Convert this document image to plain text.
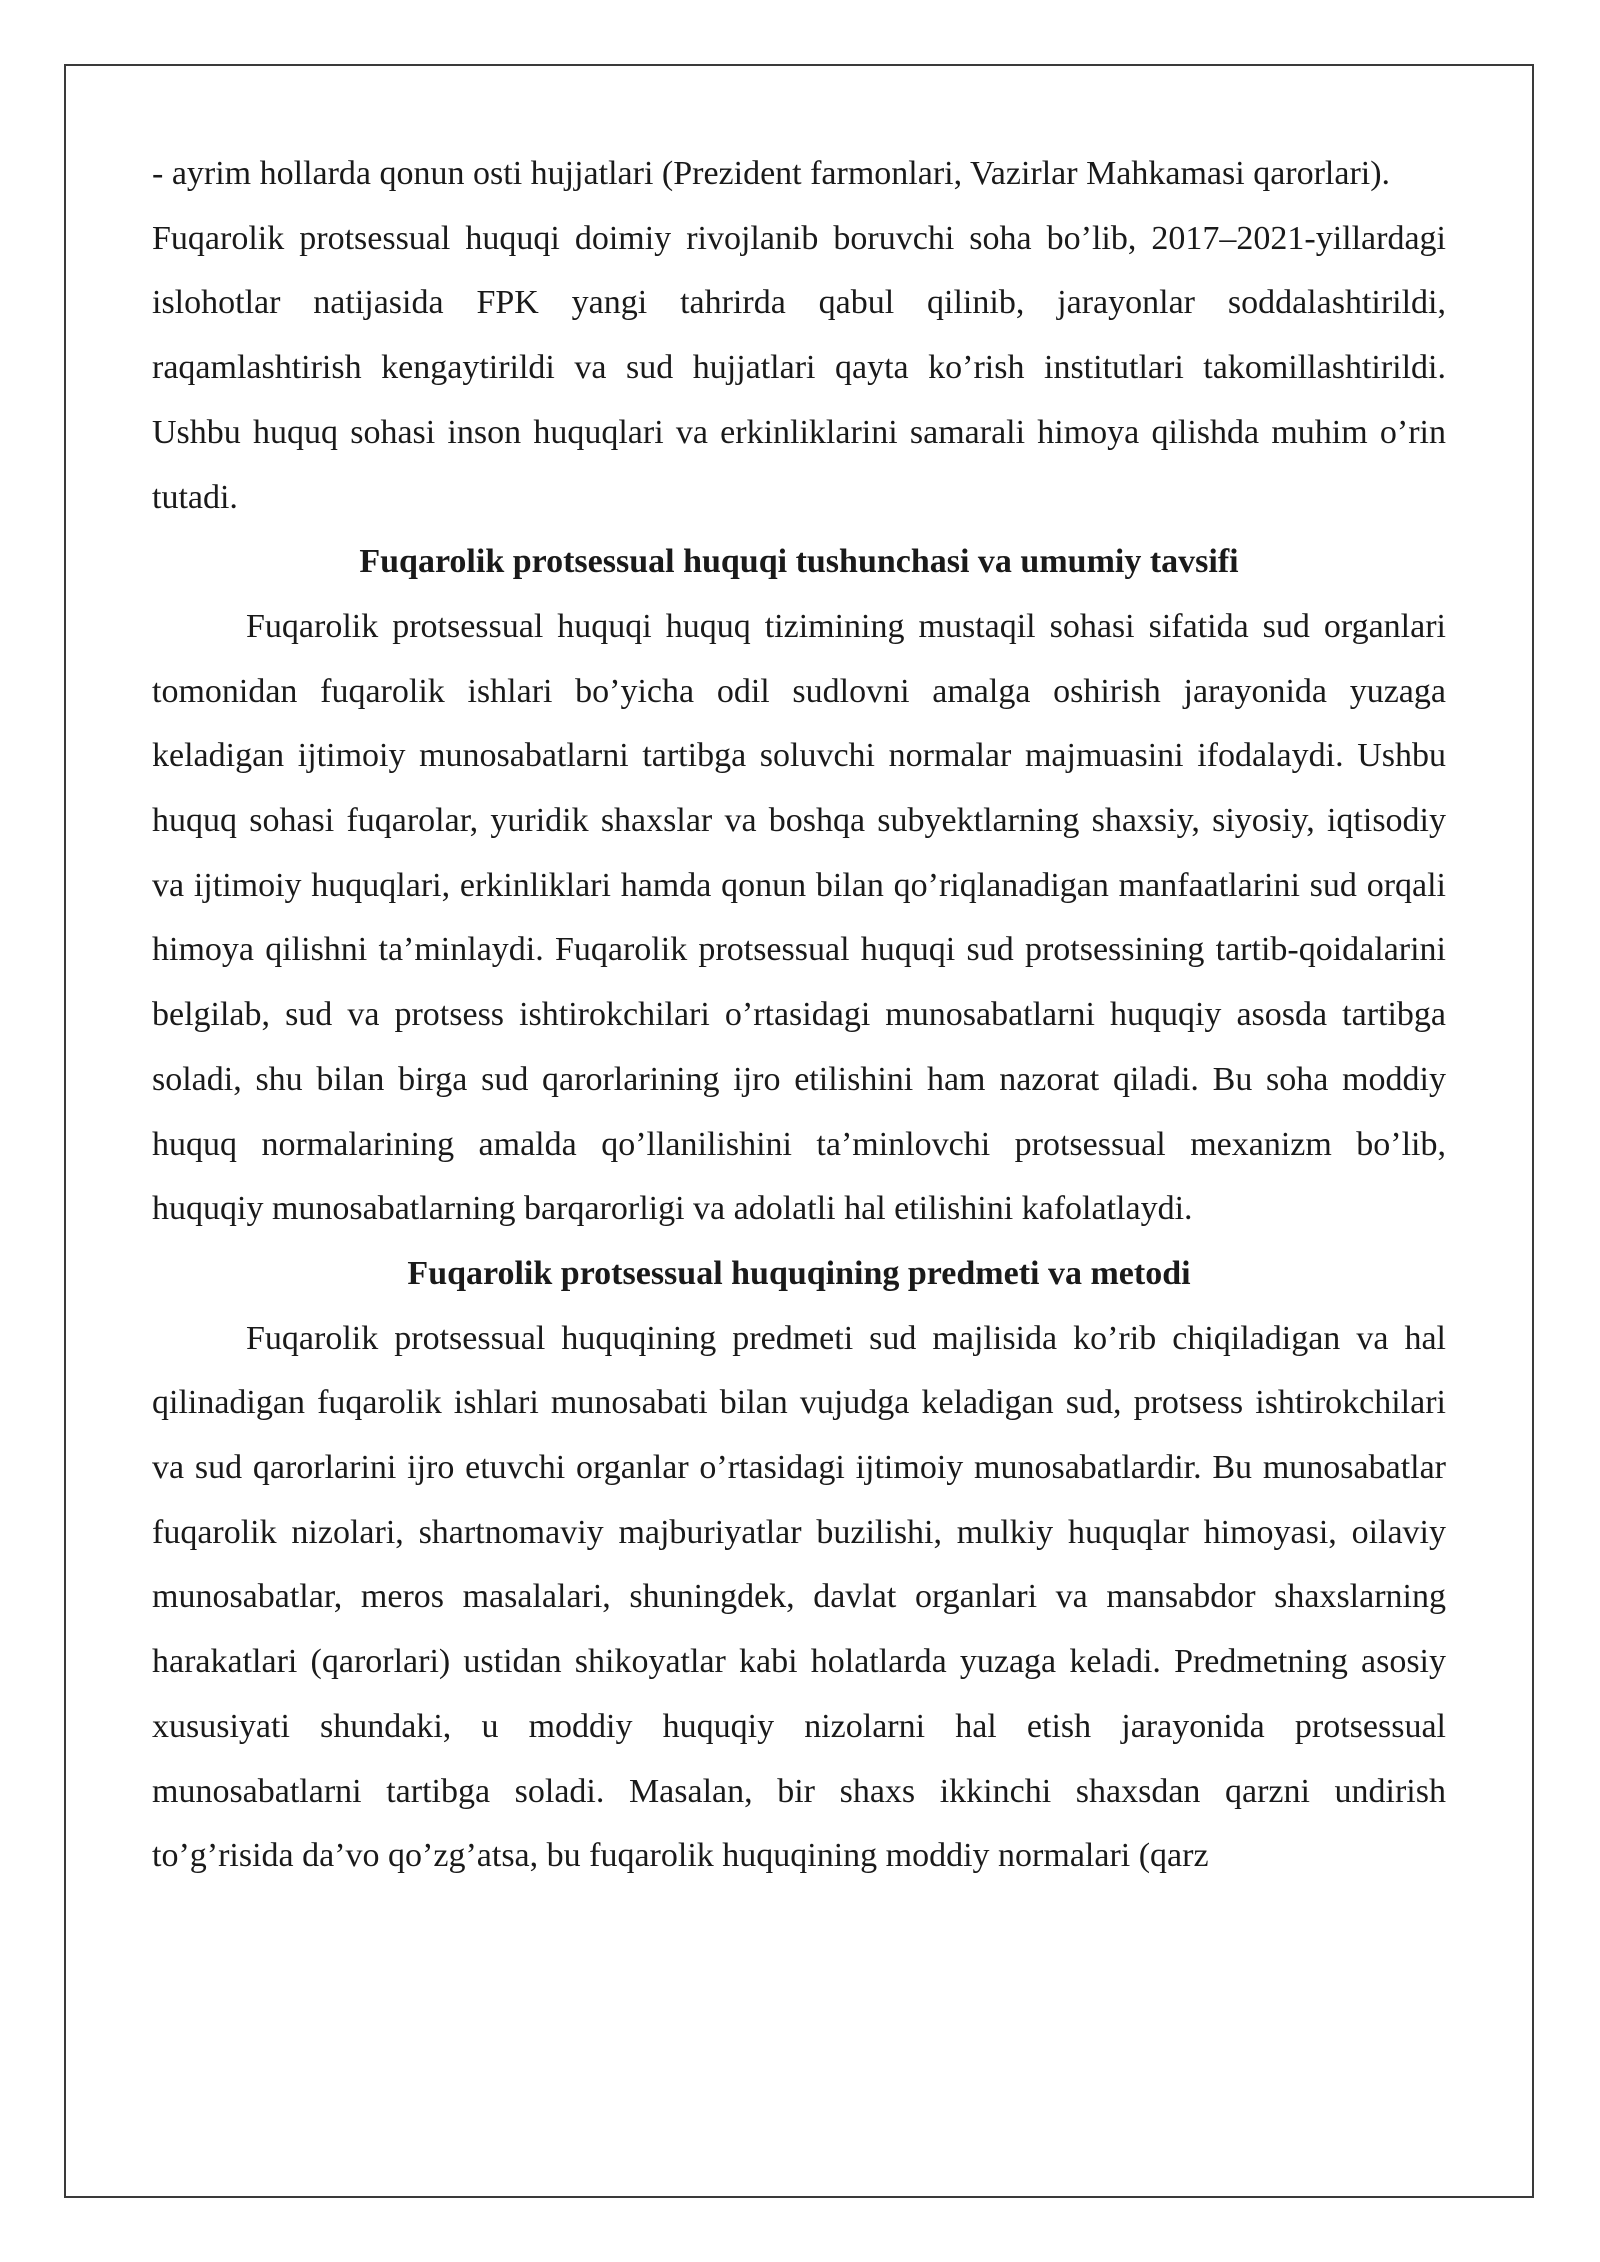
- ayrim hollarda qonun osti hujjatlari (Prezident farmonlari, Vazirlar Mahkamasi qarorlari).

Fuqarolik protsessual huquqi doimiy rivojlanib boruvchi soha bo’lib, 2017–2021-yillardagi islohotlar natijasida FPK yangi tahrirda qabul qilinib, jarayonlar soddalashtirildi, raqamlashtirish kengaytirildi va sud hujjatlari qayta ko’rish institutlari takomillashtirildi. Ushbu huquq sohasi inson huquqlari va erkinliklarini samarali himoya qilishda muhim o’rin tutadi.

Fuqarolik protsessual huquqi tushunchasi va umumiy tavsifi

Fuqarolik protsessual huquqi huquq tizimining mustaqil sohasi sifatida sud organlari tomonidan fuqarolik ishlari bo’yicha odil sudlovni amalga oshirish jarayonida yuzaga keladigan ijtimoiy munosabatlarni tartibga soluvchi normalar majmuasini ifodalaydi. Ushbu huquq sohasi fuqarolar, yuridik shaxslar va boshqa subyektlarning shaxsiy, siyosiy, iqtisodiy va ijtimoiy huquqlari, erkinliklari hamda qonun bilan qo’riqlanadigan manfaatlarini sud orqali himoya qilishni ta’minlaydi. Fuqarolik protsessual huquqi sud protsessining tartib-qoidalarini belgilab, sud va protsess ishtirokchilari o’rtasidagi munosabatlarni huquqiy asosda tartibga soladi, shu bilan birga sud qarorlarining ijro etilishini ham nazorat qiladi. Bu soha moddiy huquq normalarining amalda qo’llanilishini ta’minlovchi protsessual mexanizm bo’lib, huquqiy munosabatlarning barqarorligi va adolatli hal etilishini kafolatlaydi.

Fuqarolik protsessual huquqining predmeti va metodi

Fuqarolik protsessual huquqining predmeti sud majlisida ko’rib chiqiladigan va hal qilinadigan fuqarolik ishlari munosabati bilan vujudga keladigan sud, protsess ishtirokchilari va sud qarorlarini ijro etuvchi organlar o’rtasidagi ijtimoiy munosabatlardir. Bu munosabatlar fuqarolik nizolari, shartnomaviy majburiyatlar buzilishi, mulkiy huquqlar himoyasi, oilaviy munosabatlar, meros masalalari, shuningdek, davlat organlari va mansabdor shaxslarning harakatlari (qarorlari) ustidan shikoyatlar kabi holatlarda yuzaga keladi. Predmetning asosiy xususiyati shundaki, u moddiy huquqiy nizolarni hal etish jarayonida protsessual munosabatlarni tartibga soladi. Masalan, bir shaxs ikkinchi shaxsdan qarzni undirish to’g’risida da’vo qo’zg’atsa, bu fuqarolik huquqining moddiy normalari (qarz
